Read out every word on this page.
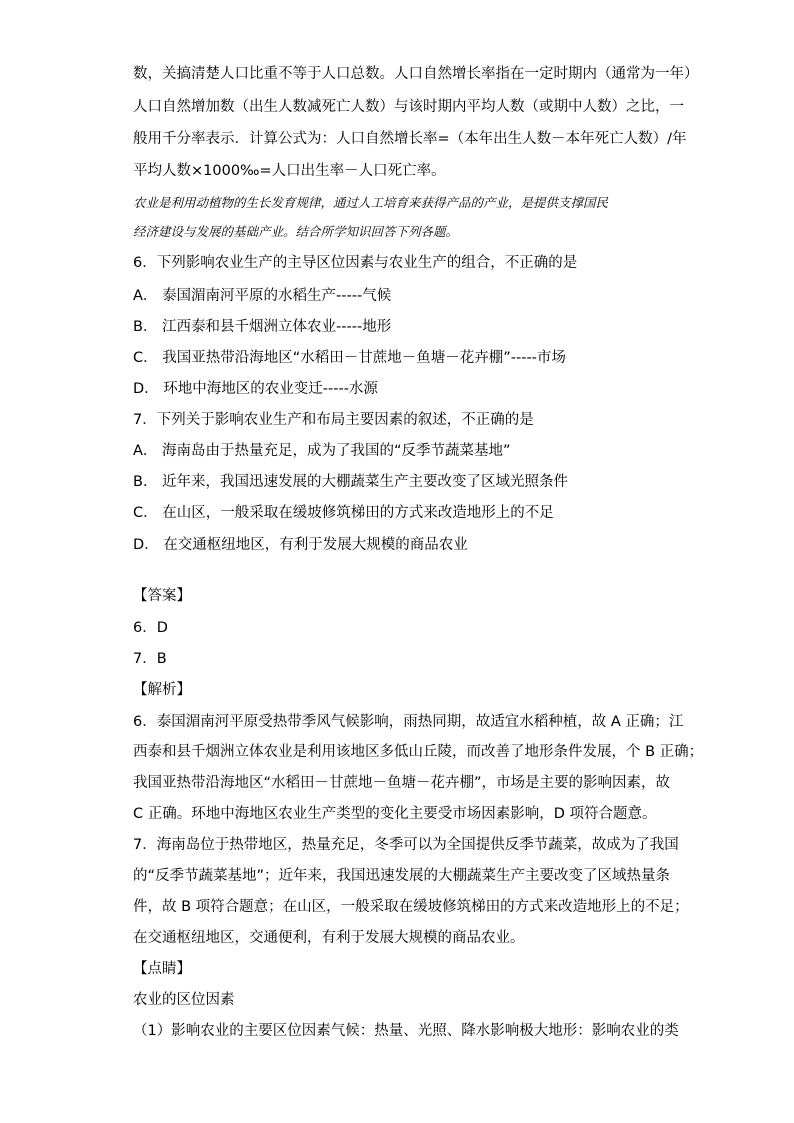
数，关搞清楚人口比重不等于人口总数。人口自然增长率指在一定时期内（通常为一年）
人口自然增加数（出生人数减死亡人数）与该时期内平均人数（或期中人数）之比，一
般用千分率表示．计算公式为：人口自然增长率=（本年出生人数－本年死亡人数）/年
平均人数×1000‰=人口出生率－人口死亡率。
农业是利用动植物的生长发育规律，通过人工培育来获得产品的产业，是提供支撑国民
经济建设与发展的基础产业。结合所学知识回答下列各题。
6．下列影响农业生产的主导区位因素与农业生产的组合，不正确的是
A． 泰国湄南河平原的水稻生产-----气候
B． 江西泰和县千烟洲立体农业-----地形
C． 我国亚热带沿海地区“水稻田－甘蔗地－鱼塘－花卉棚”-----市场
D． 环地中海地区的农业变迁-----水源
7．下列关于影响农业生产和布局主要因素的叙述，不正确的是
A． 海南岛由于热量充足，成为了我国的“反季节蔬菜基地”
B． 近年来，我国迅速发展的大棚蔬菜生产主要改变了区域光照条件
C． 在山区，一般采取在缓坡修筑梯田的方式来改造地形上的不足
D． 在交通枢纽地区，有利于发展大规模的商品农业
【答案】
6．D
7．B
【解析】
6．泰国湄南河平原受热带季风气候影响，雨热同期，故适宜水稻种植，故 A 正确；江
西泰和县千烟洲立体农业是利用该地区多低山丘陵，而改善了地形条件发展，个 B 正确；
我国亚热带沿海地区“水稻田－甘蔗地－鱼塘－花卉棚”，市场是主要的影响因素，故
C 正确。环地中海地区农业生产类型的变化主要受市场因素影响，D 项符合题意。
7．海南岛位于热带地区，热量充足，冬季可以为全国提供反季节蔬菜，故成为了我国
的“反季节蔬菜基地”；近年来，我国迅速发展的大棚蔬菜生产主要改变了区域热量条
件，故 B 项符合题意；在山区，一般采取在缓坡修筑梯田的方式来改造地形上的不足；
在交通枢纽地区，交通便利，有利于发展大规模的商品农业。
【点睛】
农业的区位因素
（1）影响农业的主要区位因素气候：热量、光照、降水影响极大地形：影响农业的类
